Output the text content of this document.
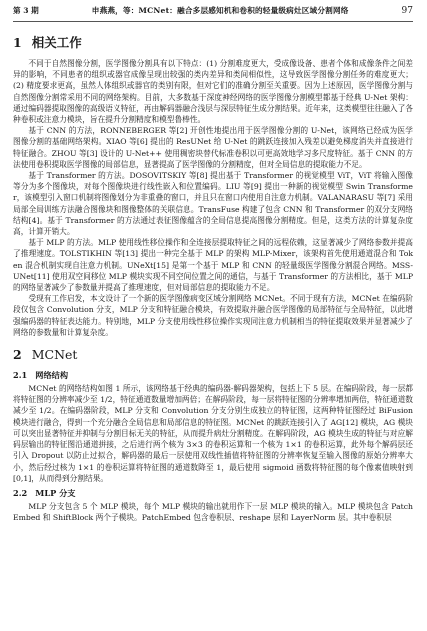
第 3 期	申燕燕，等：MCNet：融合多层感知机和卷积的轻量级病灶区域分割网络	97
1 相关工作

不同于自然图像分割，医学图像分割具有以下特点：(1) 分割难度更大，受成像设备、患者个体和成像条件之间差异的影响，不同患者的组织或器官成像呈现出较强的类内差异和类间相似性，这导致医学图像分割任务的难度更大；(2) 精度要求更高，虽然人体组织或器官的类别有限，但对它们的准确分割至关重要。因为上述原因，医学图像分割与自然图像分割常采用不同的网络架构。目前，大多数基于深度神经网络的医学图像分割模型都基于经典 U-Net 架构：通过编码器提取图像的高级语义特征，再由解码器融合浅层与深层特征生成分割结果。近年来，这类模型往往融入了各种卷积或注意力模块，旨在提升分割精度和模型鲁棒性。

基于 CNN 的方法，RONNEBERGER 等[2] 开创性地提出用于医学图像分割的 U-Net，该网络已经成为医学图像分割的基础网络架构。XIAO 等[6] 提出的 ResUNet 给 U-Net 的跳跃连接加入残差以避免梯度消失并直接进行特征融合。ZHOU 等[3] 设计的 U-Net++ 使用稠密块替代标准卷积以可更高效地学习多尺度特征。基于 CNN 的方法使用卷积提取医学图像的局部信息，显著提高了医学图像的分割精度，但对全局信息的提取能力不足。

基于 Transformer 的方法。DOSOVITSKIY 等[8] 提出基于 Transformer 的视觉模型 ViT，ViT 将输入图像等分为多个图像块，对每个图像块进行线性嵌入和位置编码。LIU 等[9] 提出一种新的视觉模型 Swin Transformer，该模型引入窗口机制将图像划分为非重叠的窗口，并且只在窗口内使用自注意力机制。VALANARASU 等[7] 采用局部全局训练方法融合图像块和图像整体的关联信息。TransFuse 构建了包含 CNN 和 Transformer 的双分支网络结构[4]。基于 Transformer 的方法通过表征图像蕴含的全局信息提高图像分割精度。但是，这类方法的计算复杂度高，计算开销大。

基于 MLP 的方法。MLP 使用线性移位操作和全连接层提取特征之间的远程依赖，这显著减少了网络参数并提高了推理速度。TOLSTIKHIN 等[13] 提出一种完全基于 MLP 的架构 MLP-Mixer，该架构首先使用通道混合和 Token 混合机制实现自注意力机制。UNeXt[15] 是第一个基于 MLP 和 CNN 的轻量级医学图像分割混合网络。MSS-UNet[11] 使用双空间移位 MLP 模块实现不同空间位置之间的通信，与基于 Transformer 的方法相比，基于 MLP 的网络显著减少了参数量并提高了推理速度，但对局部信息的提取能力不足。

受现有工作启发，本文设计了一个新的医学图像病变区域分割网络 MCNet。不同于现有方法，MCNet 在编码阶段仅包含 Convolution 分支，MLP 分支和特征融合模块，有效提取并融合医学图像的局部特征与全局特征，以此增强编码器的特征表达能力。特别地，MLP 分支使用线性移位操作实现同注意力机制相当的特征提取效果并显著减少了网络的参数量和计算复杂度。

2 MCNet
2.1 网络结构

MCNet 的网络结构如图 1 所示，该网络基于经典的编码器-解码器架构，包括上下 5 层。在编码阶段，每一层都将特征图的分辨率减少至 1/2，特征通道数量增加两倍；在解码阶段，每一层将特征图的分辨率增加两倍，特征通道数减少至 1/2。在编码器阶段，MLP 分支和 Convolution 分支分别生成独立的特征图，这两种特征图经过 BiFusion 模块进行融合，得到一个充分融合全局信息和局部信息的特征图。MCNet 的跳跃连接引入了 AG[12] 模块，AG 模块可以突出显著特征并抑制与分割目标无关的特征，从而提升病灶分割精度。在解码阶段，AG 模块生成的特征与对应解码层输出的特征图沿通道拼接，之后进行两个核为 3×3 的卷积运算和一个核为 1×1 的卷积运算，此外每个解码层还引入 Dropout 以防止过拟合，解码器的最后一层使用双线性插值将特征图的分辨率恢复至输入图像的原始分辨率大小，然后经过核为 1×1 的卷积运算将特征图的通道数降至 1，最后使用 sigmoid 函数将特征图的每个像素值映射到 [0,1]，从而得到分割结果。

2.2 MLP 分支

MLP 分支包含 5 个 MLP 模块，每个 MLP 模块的输出就用作下一层 MLP 模块的输入。MLP 模块包含 PatchEmbed 和 ShiftBlock 两个子模块。PatchEmbed 包含卷积层、reshape 层和 LayerNorm 层。其中卷积层
